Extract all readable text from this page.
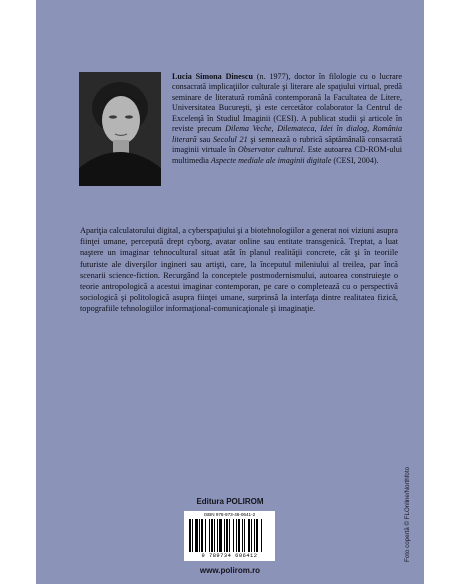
Lucia Simona Dinescu (n. 1977), doctor în filologie cu o lucrare consacrată implicaţiilor culturale şi literare ale spaţiului virtual, predă seminare de literatură română contemporană la Facultatea de Litere, Universitatea Bucureşti, şi este cercetător colaborator la Centrul de Excelenţă în Studiul Imaginii (CESI). A publicat studii şi articole în reviste precum Dilema Veche, Dilemateca, Idei în dialog, România literară sau Secolul 21 şi semnează o rubrică săptămânală consacrată imaginii virtuale în Observator cultural. Este autoarea CD-ROM-ului multimedia Aspecte mediale ale imaginii digitale (CESI, 2004).
Apariţia calculatorului digital, a cyberspaţiului şi a biotehnologiilor a generat noi viziuni asupra fiinţei umane, percepută drept cyborg, avatar online sau entitate transgenică. Treptat, a luat naştere un imaginar tehnocultural situat atât în planul realităţii concrete, cât şi în teoriile futuriste ale diverşilor ingineri sau artişti, care, la începutul mileniului al treilea, par încă scenarii science-fiction. Recurgând la conceptele postmodernismului, autoarea construieşte o teorie antropologică a acestui imaginar contemporan, pe care o completează cu o perspectivă sociologică şi politologică asupra fiinţei umane, surprinsă la interfaţa dintre realitatea fizică, topografiile tehnologiilor informaţional-comunicaţionale şi imaginaţie.
Foto copertă © FLOnline/Northfoto
Editura POLIROM
ISBN 978-973-46-0641-2
9 789734 606412
www.polirom.ro
